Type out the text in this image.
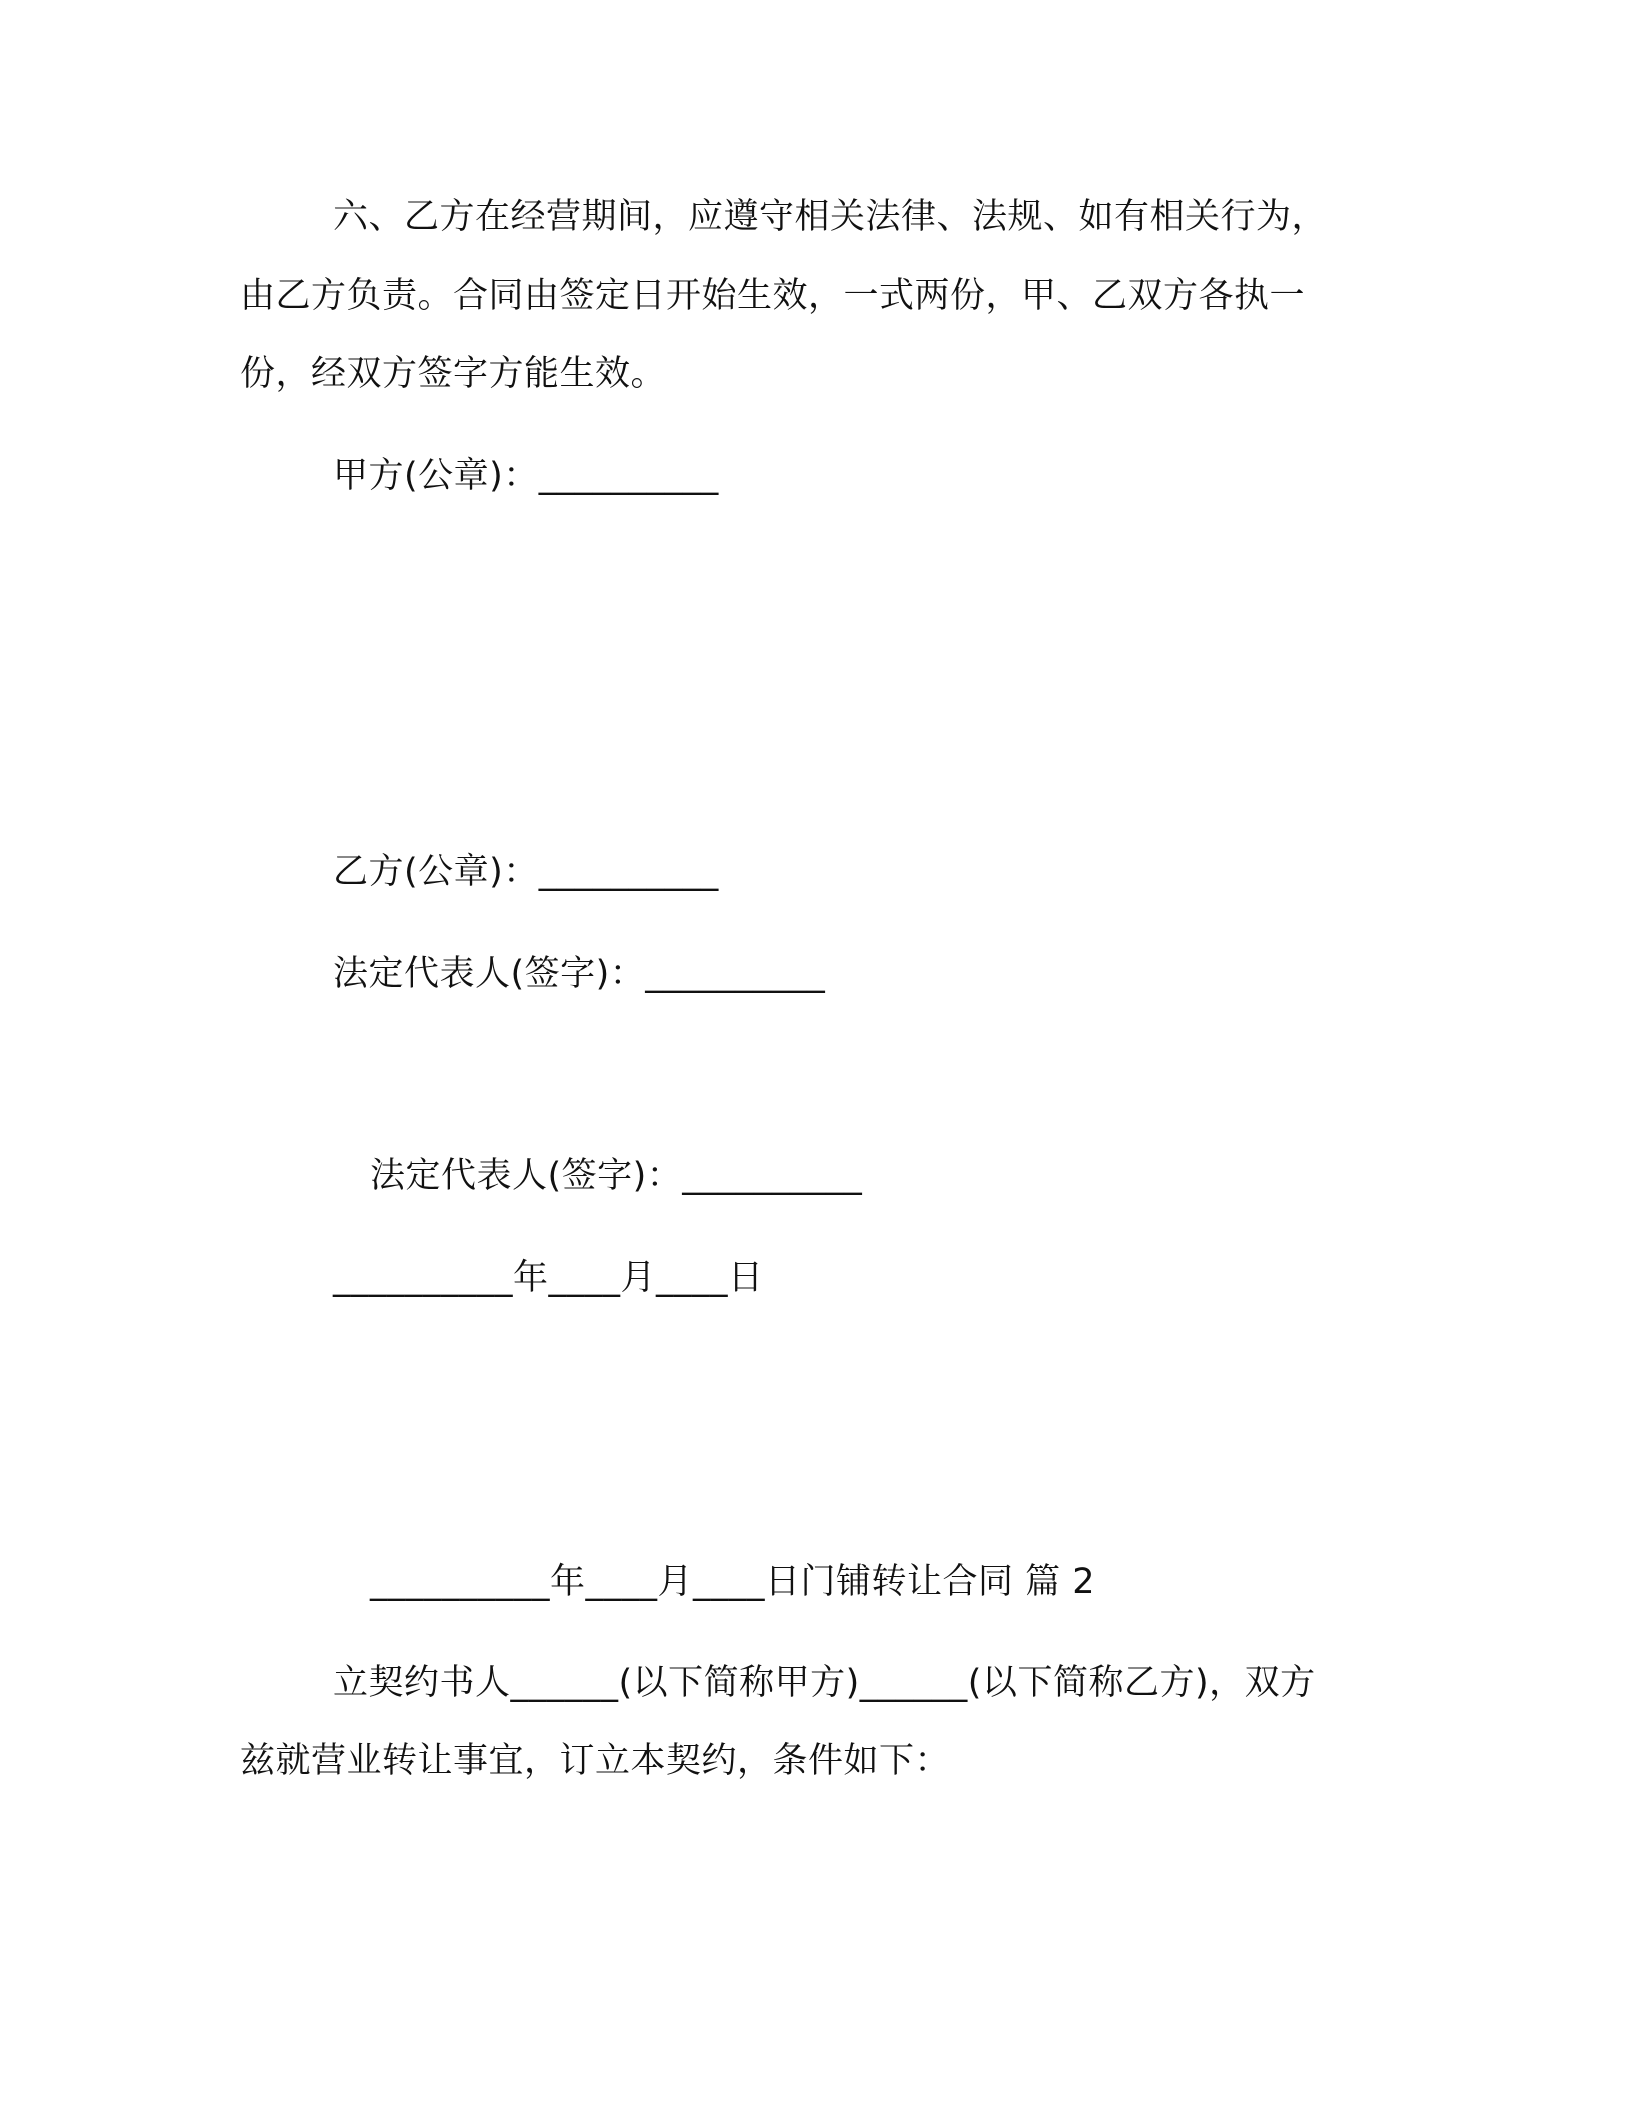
六、乙方在经营期间，应遵守相关法律、法规、如有相关行为，
由乙方负责。合同由签定日开始生效，一式两份，甲、乙双方各执一
份，经双方签字方能生效。
甲方(公章)：__________
乙方(公章)：__________
法定代表人(签字)：__________
法定代表人(签字)：__________
__________年____月____日
__________年____月____日门铺转让合同 篇 2
立契约书人______(以下简称甲方)______(以下简称乙方)，双方
兹就营业转让事宜，订立本契约，条件如下：
